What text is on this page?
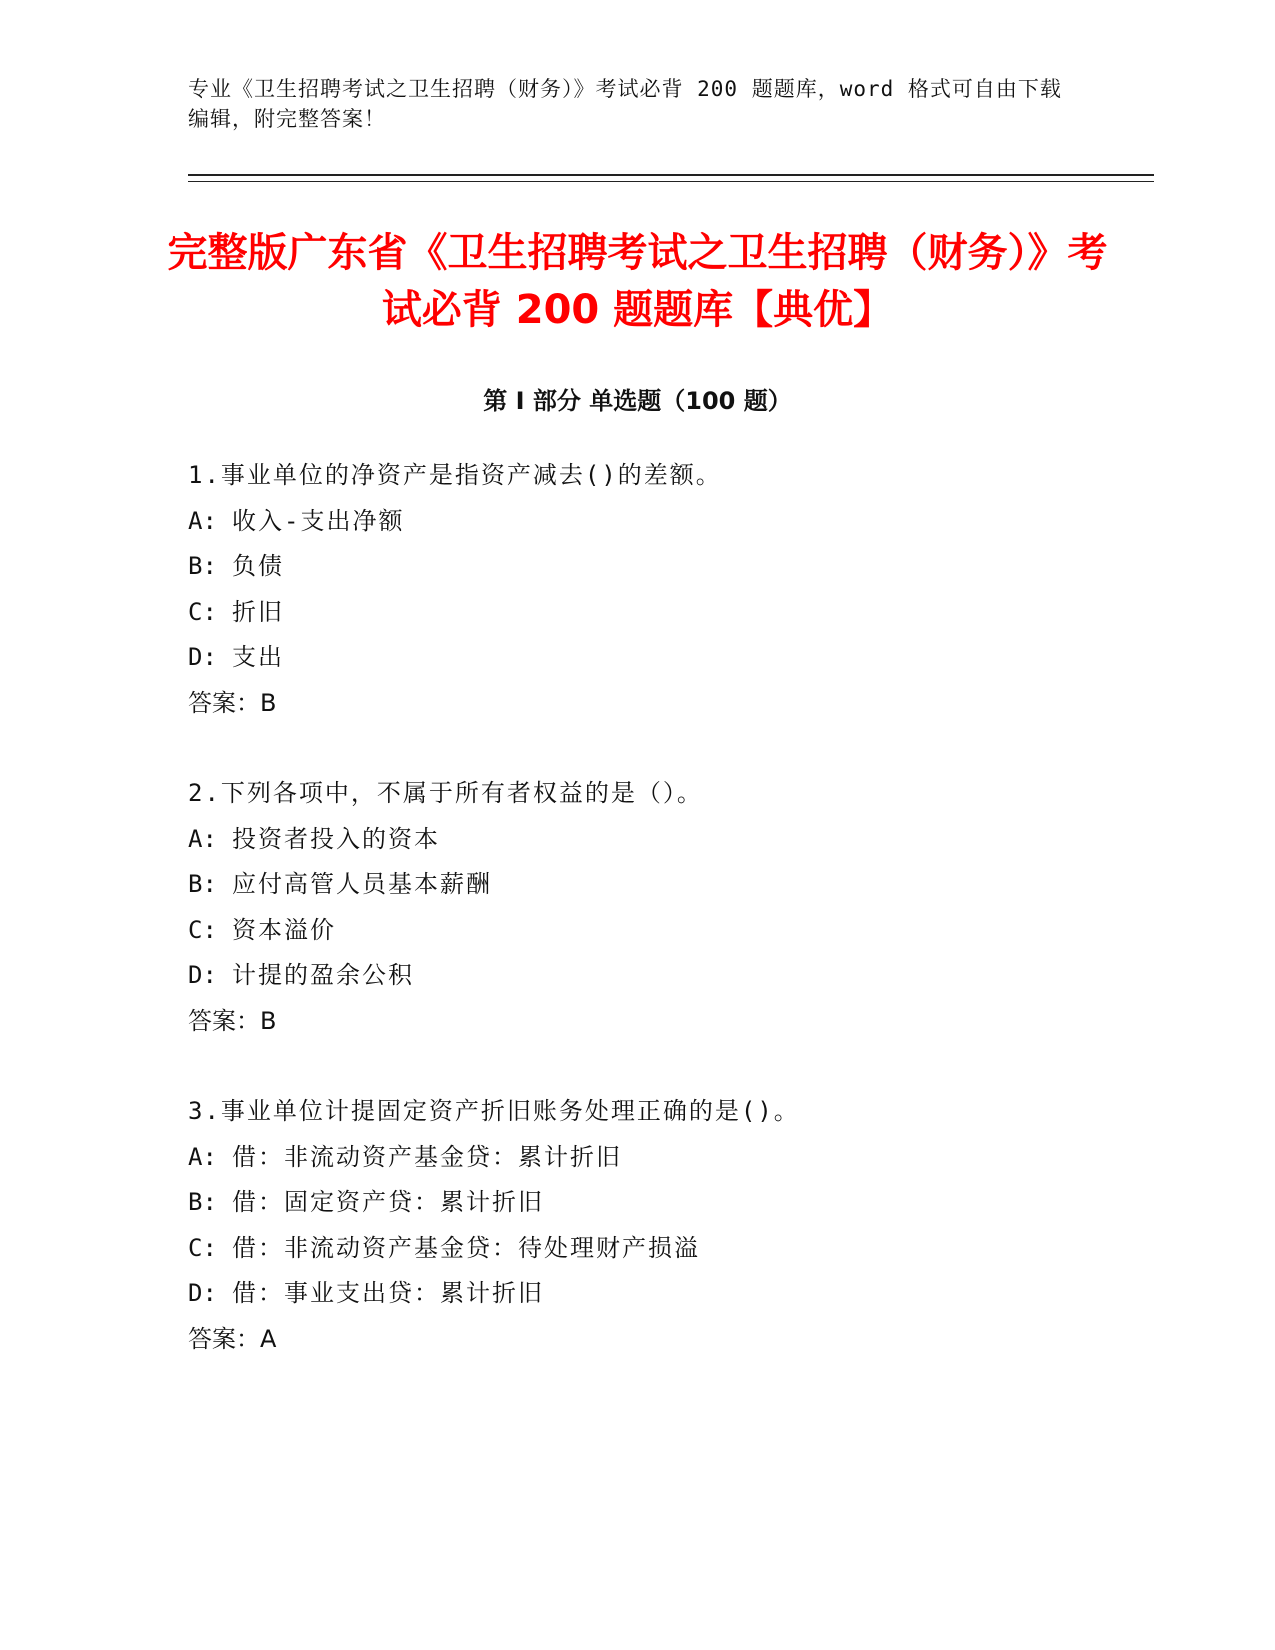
专业《卫生招聘考试之卫生招聘（财务）》考试必背 200 题题库，word 格式可自由下载编辑，附完整答案！
完整版广东省《卫生招聘考试之卫生招聘（财务）》考试必背 200 题题库【典优】
第 I 部分 单选题（100 题）
1.事业单位的净资产是指资产减去()的差额。
A: 收入-支出净额
B: 负债
C: 折旧
D: 支出
答案：B
2.下列各项中，不属于所有者权益的是（）。
A: 投资者投入的资本
B: 应付高管人员基本薪酬
C: 资本溢价
D: 计提的盈余公积
答案：B
3.事业单位计提固定资产折旧账务处理正确的是()。
A: 借：非流动资产基金贷：累计折旧
B: 借：固定资产贷：累计折旧
C: 借：非流动资产基金贷：待处理财产损溢
D: 借：事业支出贷：累计折旧
答案：A
